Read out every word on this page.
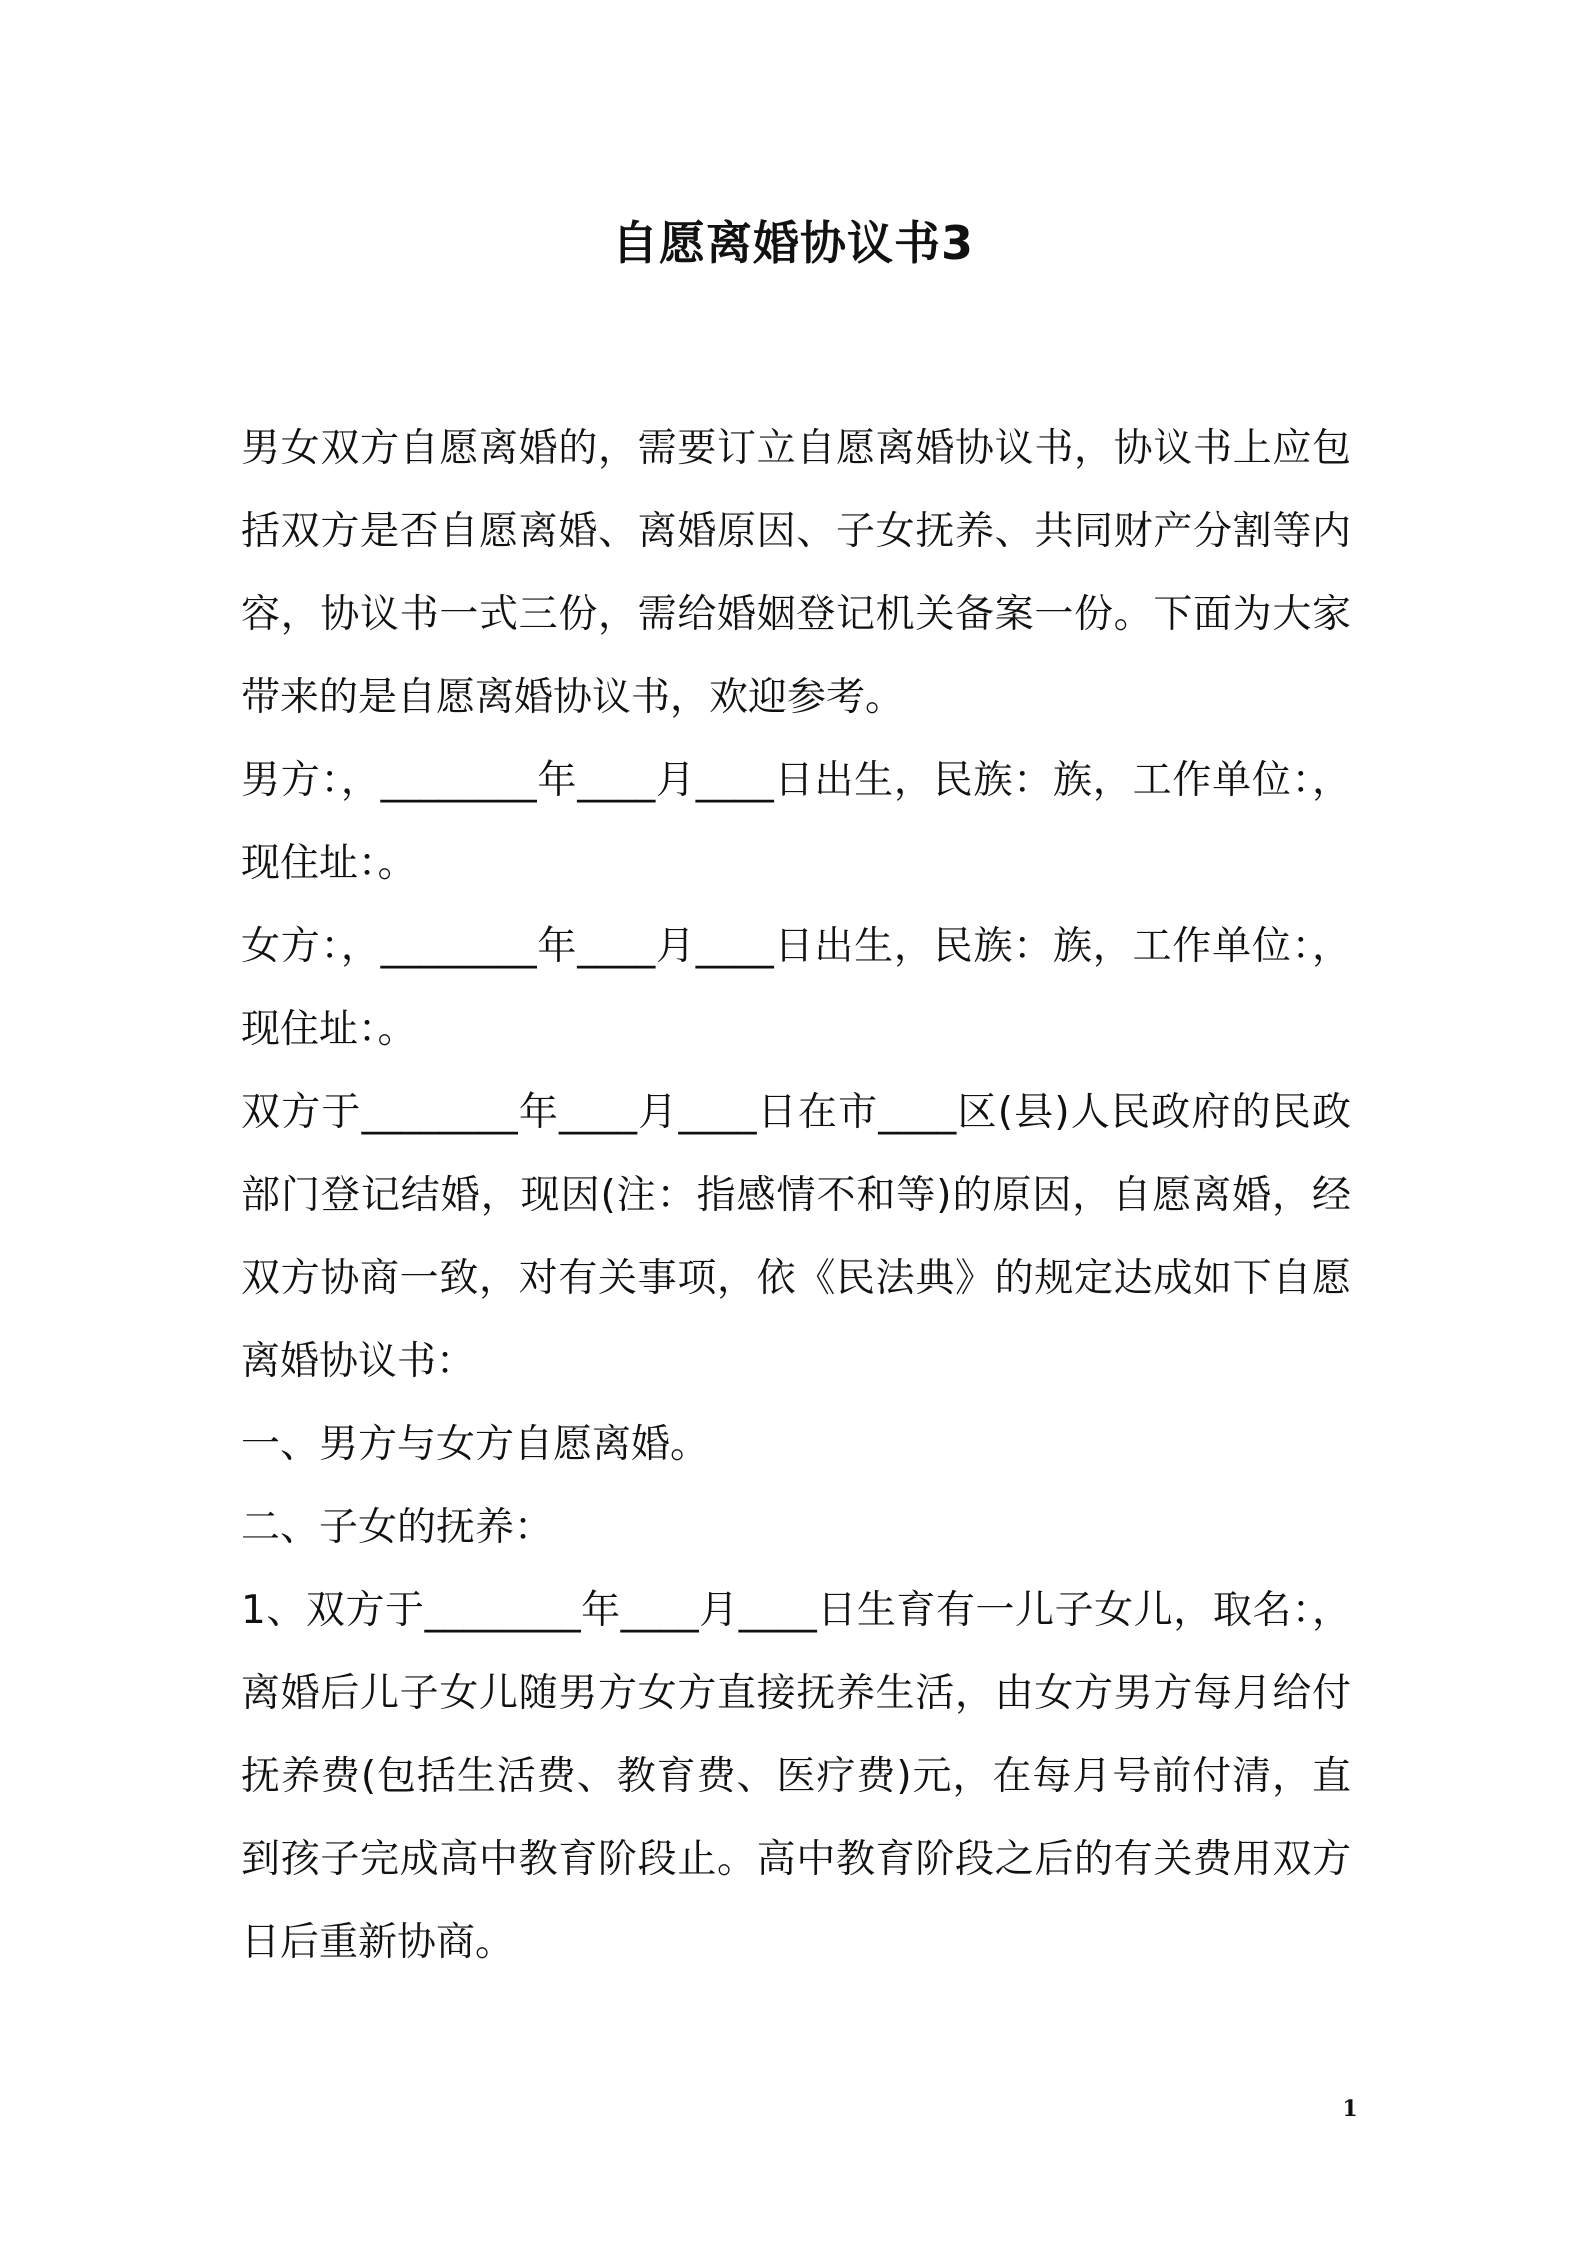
自愿离婚协议书3

男女双方自愿离婚的，需要订立自愿离婚协议书，协议书上应包括双方是否自愿离婚、离婚原因、子女抚养、共同财产分割等内容，协议书一式三份，需给婚姻登记机关备案一份。下面为大家带来的是自愿离婚协议书，欢迎参考。

男方：，________年____月____日出生，民族：族，工作单位：，现住址：。

女方：，________年____月____日出生，民族：族，工作单位：，现住址：。

双方于________年____月____日在市____区(县)人民政府的民政部门登记结婚，现因(注：指感情不和等)的原因，自愿离婚，经双方协商一致，对有关事项，依《民法典》的规定达成如下自愿离婚协议书：

一、男方与女方自愿离婚。

二、子女的抚养：

1、双方于________年____月____日生育有一儿子女儿，取名：，离婚后儿子女儿随男方女方直接抚养生活，由女方男方每月给付抚养费(包括生活费、教育费、医疗费)元，在每月号前付清，直到孩子完成高中教育阶段止。高中教育阶段之后的有关费用双方日后重新协商。

1
